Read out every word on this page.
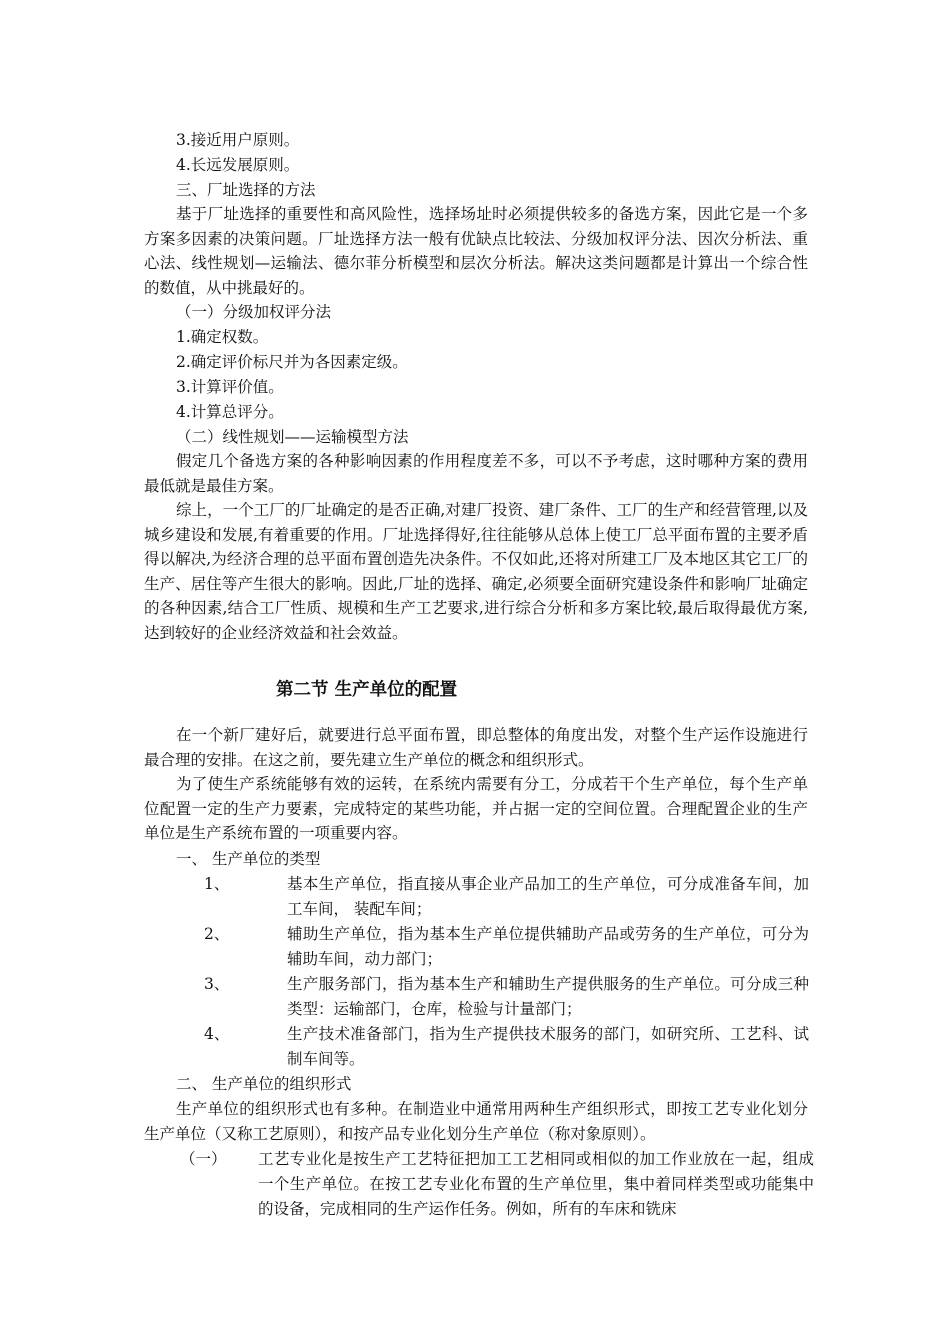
3.接近用户原则。
4.长远发展原则。
三、厂址选择的方法
基于厂址选择的重要性和高风险性，选择场址时必须提供较多的备选方案，因此它是一个多方案多因素的决策问题。厂址选择方法一般有优缺点比较法、分级加权评分法、因次分析法、重心法、线性规划—运输法、德尔菲分析模型和层次分析法。解决这类问题都是计算出一个综合性的数值，从中挑最好的。
（一）分级加权评分法
1.确定权数。
2.确定评价标尺并为各因素定级。
3.计算评价值。
4.计算总评分。
（二）线性规划——运输模型方法
假定几个备选方案的各种影响因素的作用程度差不多，可以不予考虑，这时哪种方案的费用最低就是最佳方案。
综上，一个工厂的厂址确定的是否正确,对建厂投资、建厂条件、工厂的生产和经营管理,以及城乡建设和发展,有着重要的作用。厂址选择得好,往往能够从总体上使工厂总平面布置的主要矛盾得以解决,为经济合理的总平面布置创造先决条件。不仅如此,还将对所建工厂及本地区其它工厂的生产、居住等产生很大的影响。因此,厂址的选择、确定,必须要全面研究建设条件和影响厂址确定的各种因素,结合工厂性质、规模和生产工艺要求,进行综合分析和多方案比较,最后取得最优方案,达到较好的企业经济效益和社会效益。
第二节 生产单位的配置
在一个新厂建好后，就要进行总平面布置，即总整体的角度出发，对整个生产运作设施进行最合理的安排。在这之前，要先建立生产单位的概念和组织形式。
为了使生产系统能够有效的运转，在系统内需要有分工，分成若干个生产单位，每个生产单位配置一定的生产力要素，完成特定的某些功能，并占据一定的空间位置。合理配置企业的生产单位是生产系统布置的一项重要内容。
一、 生产单位的类型
1、	基本生产单位，指直接从事企业产品加工的生产单位，可分成准备车间，加工车间， 装配车间；
2、	辅助生产单位，指为基本生产单位提供辅助产品或劳务的生产单位，可分为辅助车间，动力部门；
3、	生产服务部门，指为基本生产和辅助生产提供服务的生产单位。可分成三种类型：运输部门，仓库，检验与计量部门；
4、	生产技术准备部门，指为生产提供技术服务的部门，如研究所、工艺科、试制车间等。
二、 生产单位的组织形式
生产单位的组织形式也有多种。在制造业中通常用两种生产组织形式，即按工艺专业化划分生产单位（又称工艺原则），和按产品专业化划分生产单位（称对象原则）。
（一） 工艺专业化是按生产工艺特征把加工工艺相同或相似的加工作业放在一起，组成一个生产单位。在按工艺专业化布置的生产单位里，集中着同样类型或功能集中的设备，完成相同的生产运作任务。例如，所有的车床和铣床
